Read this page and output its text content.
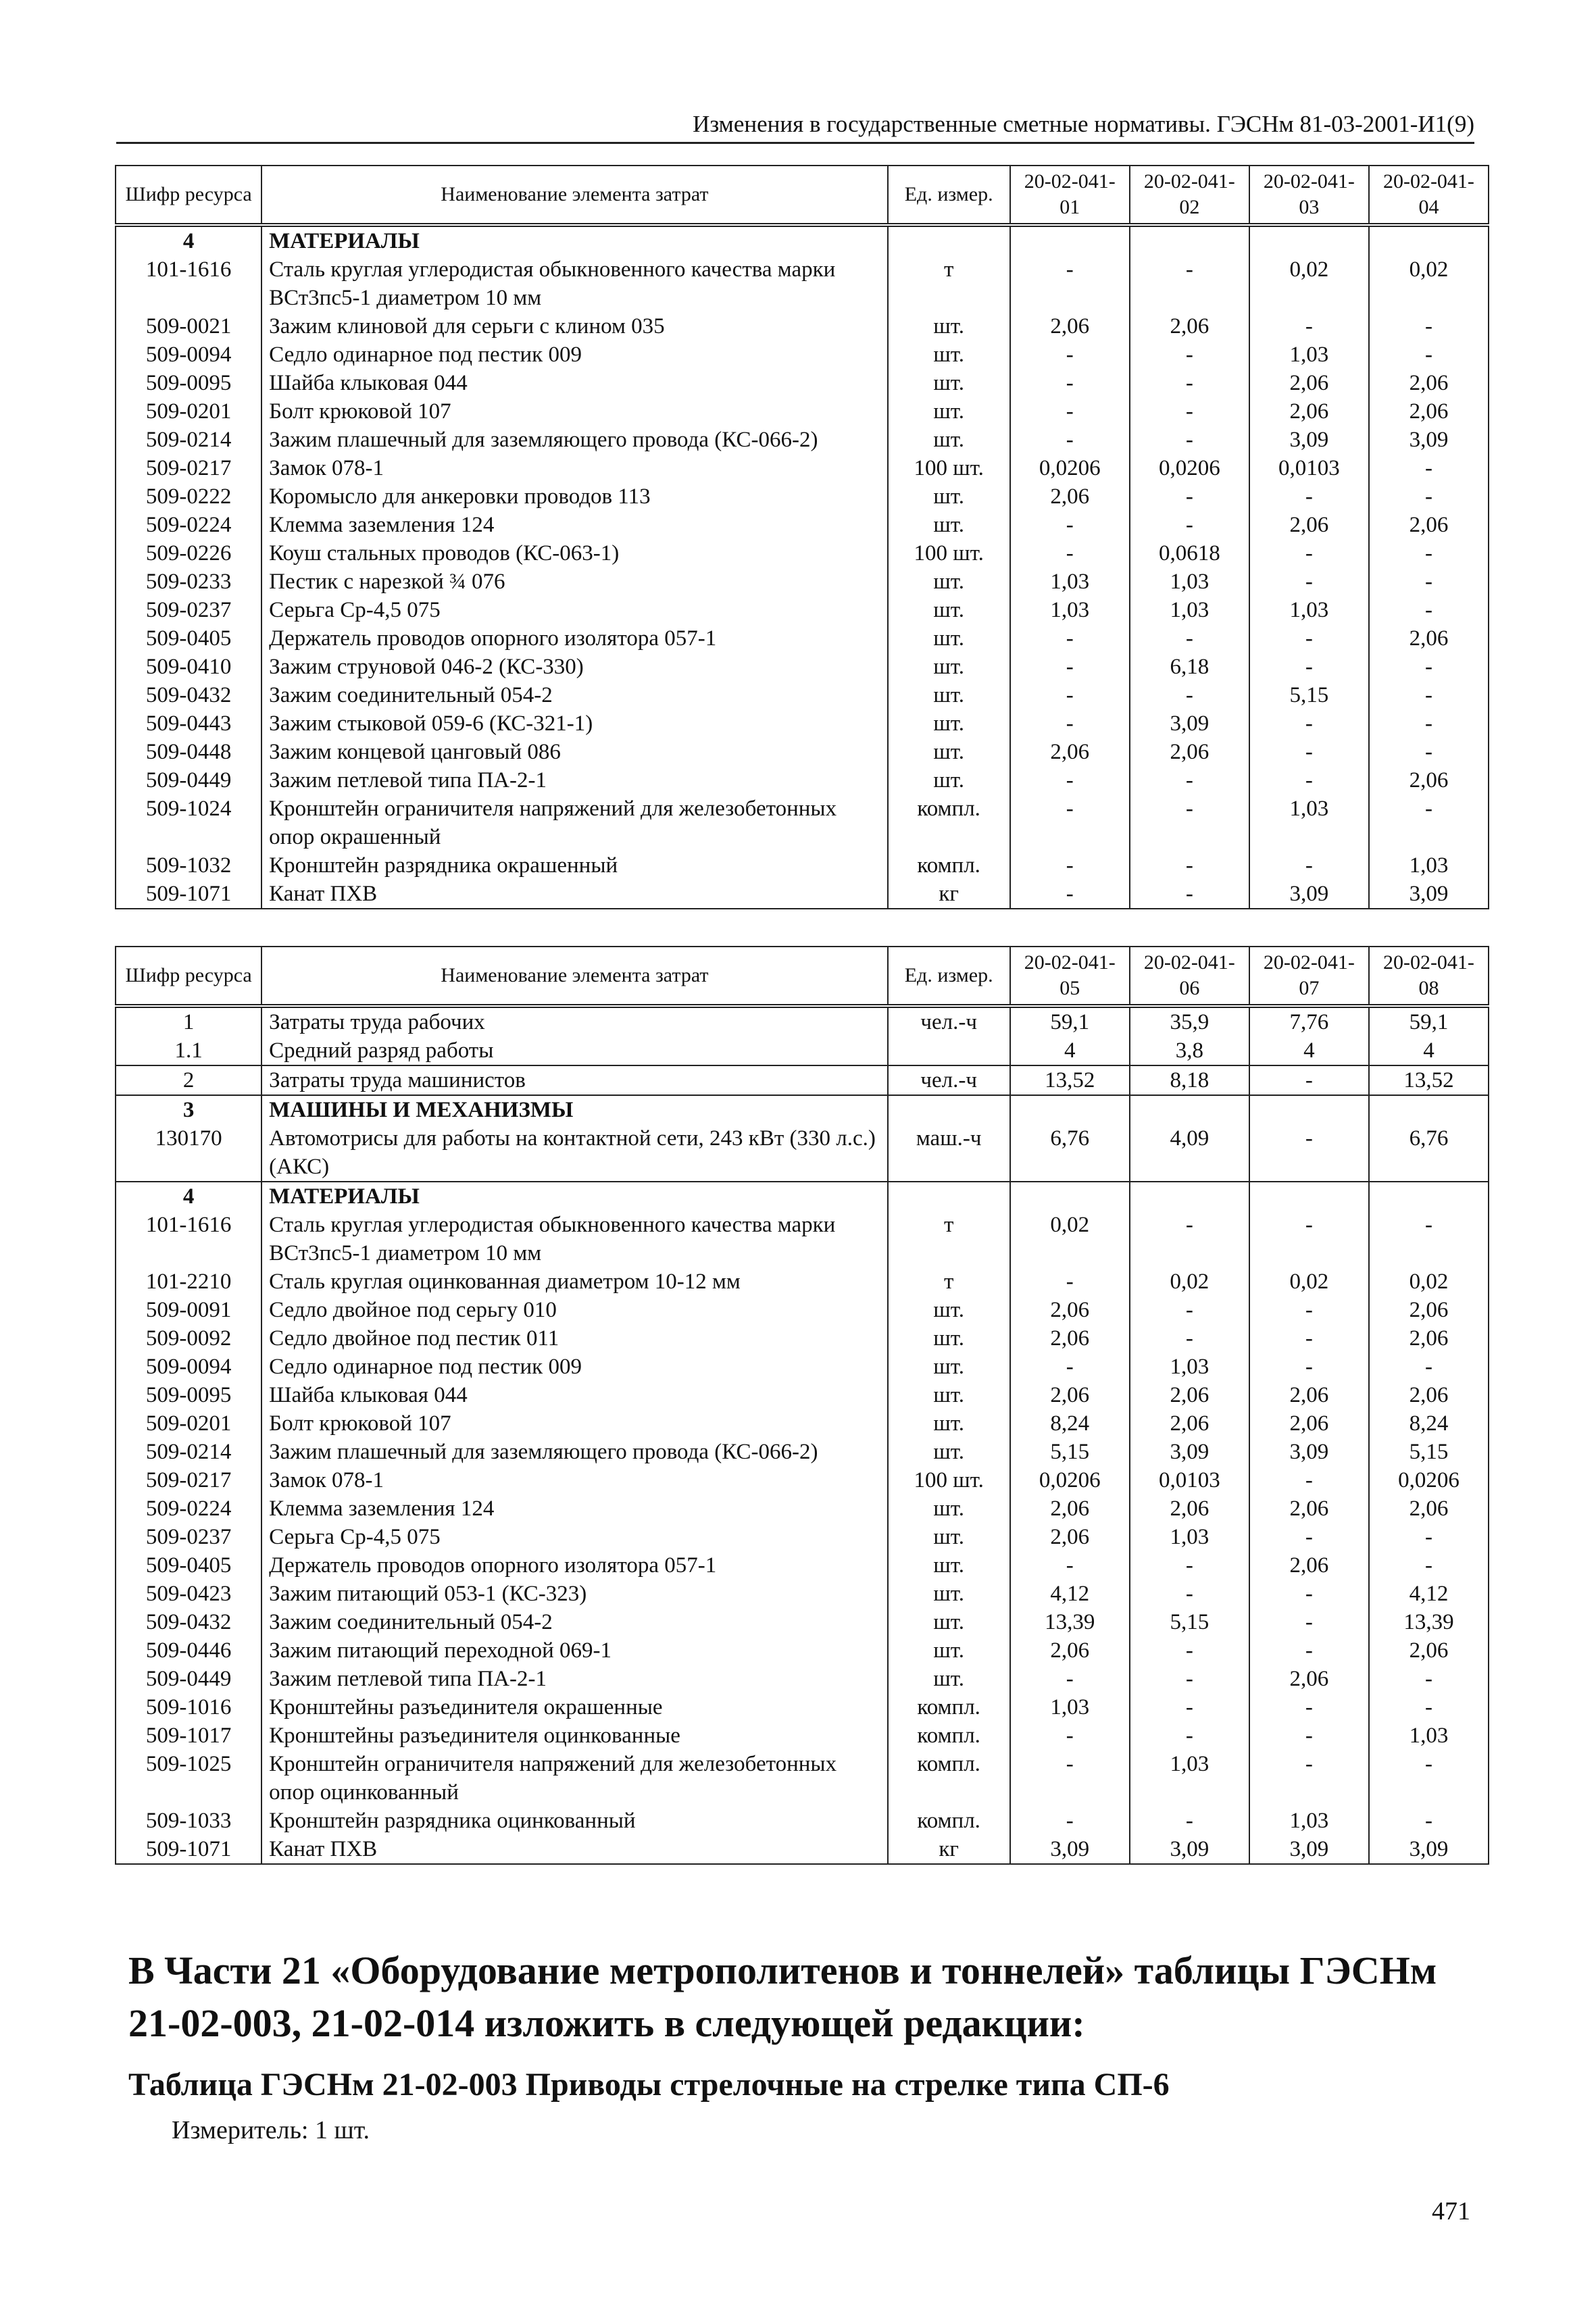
Изменения в государственные сметные нормативы. ГЭСНм 81-03-2001-И1(9)
Шифр ресурса	Наименование элемента затрат	Ед. измер.	20-02-041-01	20-02-041-02	20-02-041-03	20-02-041-04
4	МАТЕРИАЛЫ					
101-1616	Сталь круглая углеродистая обыкновенного качества марки ВСт3пс5-1 диаметром 10 мм	т	-	-	0,02	0,02
509-0021	Зажим клиновой для серьги с клином 035	шт.	2,06	2,06	-	-
509-0094	Седло одинарное под пестик 009	шт.	-	-	1,03	-
509-0095	Шайба клыковая 044	шт.	-	-	2,06	2,06
509-0201	Болт крюковой 107	шт.	-	-	2,06	2,06
509-0214	Зажим плашечный для заземляющего провода (КС-066-2)	шт.	-	-	3,09	3,09
509-0217	Замок 078-1	100 шт.	0,0206	0,0206	0,0103	-
509-0222	Коромысло для анкеровки проводов 113	шт.	2,06	-	-	-
509-0224	Клемма заземления 124	шт.	-	-	2,06	2,06
509-0226	Коуш стальных проводов (КС-063-1)	100 шт.	-	0,0618	-	-
509-0233	Пестик с нарезкой ¾ 076	шт.	1,03	1,03	-	-
509-0237	Серьга Ср-4,5 075	шт.	1,03	1,03	1,03	-
509-0405	Держатель проводов опорного изолятора 057-1	шт.	-	-	-	2,06
509-0410	Зажим струновой 046-2 (КС-330)	шт.	-	6,18	-	-
509-0432	Зажим соединительный 054-2	шт.	-	-	5,15	-
509-0443	Зажим стыковой 059-6 (КС-321-1)	шт.	-	3,09	-	-
509-0448	Зажим концевой цанговый 086	шт.	2,06	2,06	-	-
509-0449	Зажим петлевой типа ПА-2-1	шт.	-	-	-	2,06
509-1024	Кронштейн ограничителя напряжений для железобетонных опор окрашенный	компл.	-	-	1,03	-
509-1032	Кронштейн разрядника окрашенный	компл.	-	-	-	1,03
509-1071	Канат ПХВ	кг	-	-	3,09	3,09
Шифр ресурса	Наименование элемента затрат	Ед. измер.	20-02-041-05	20-02-041-06	20-02-041-07	20-02-041-08
1	Затраты труда рабочих	чел.-ч	59,1	35,9	7,76	59,1
1.1	Средний разряд работы		4	3,8	4	4
2	Затраты труда машинистов	чел.-ч	13,52	8,18	-	13,52
3	МАШИНЫ И МЕХАНИЗМЫ					
130170	Автомотрисы для работы на контактной сети, 243 кВт (330 л.с.) (АКС)	маш.-ч	6,76	4,09	-	6,76
4	МАТЕРИАЛЫ					
101-1616	Сталь круглая углеродистая обыкновенного качества марки ВСт3пс5-1 диаметром 10 мм	т	0,02	-	-	-
101-2210	Сталь круглая оцинкованная диаметром 10-12 мм	т	-	0,02	0,02	0,02
509-0091	Седло двойное под серьгу 010	шт.	2,06	-	-	2,06
509-0092	Седло двойное под пестик 011	шт.	2,06	-	-	2,06
509-0094	Седло одинарное под пестик 009	шт.	-	1,03	-	-
509-0095	Шайба клыковая 044	шт.	2,06	2,06	2,06	2,06
509-0201	Болт крюковой 107	шт.	8,24	2,06	2,06	8,24
509-0214	Зажим плашечный для заземляющего провода (КС-066-2)	шт.	5,15	3,09	3,09	5,15
509-0217	Замок 078-1	100 шт.	0,0206	0,0103	-	0,0206
509-0224	Клемма заземления 124	шт.	2,06	2,06	2,06	2,06
509-0237	Серьга Ср-4,5 075	шт.	2,06	1,03	-	-
509-0405	Держатель проводов опорного изолятора 057-1	шт.	-	-	2,06	-
509-0423	Зажим питающий 053-1 (КС-323)	шт.	4,12	-	-	4,12
509-0432	Зажим соединительный 054-2	шт.	13,39	5,15	-	13,39
509-0446	Зажим питающий переходной 069-1	шт.	2,06	-	-	2,06
509-0449	Зажим петлевой типа ПА-2-1	шт.	-	-	2,06	-
509-1016	Кронштейны разъединителя окрашенные	компл.	1,03	-	-	-
509-1017	Кронштейны разъединителя оцинкованные	компл.	-	-	-	1,03
509-1025	Кронштейн ограничителя напряжений для железобетонных опор оцинкованный	компл.	-	1,03	-	-
509-1033	Кронштейн разрядника оцинкованный	компл.	-	-	1,03	-
509-1071	Канат ПХВ	кг	3,09	3,09	3,09	3,09
В Части 21 «Оборудование метрополитенов и тоннелей» таблицы ГЭСНм 21-02-003, 21-02-014 изложить в следующей редакции:
Таблица ГЭСНм 21-02-003 Приводы стрелочные на стрелке типа СП-6
Измеритель: 1 шт.
471
